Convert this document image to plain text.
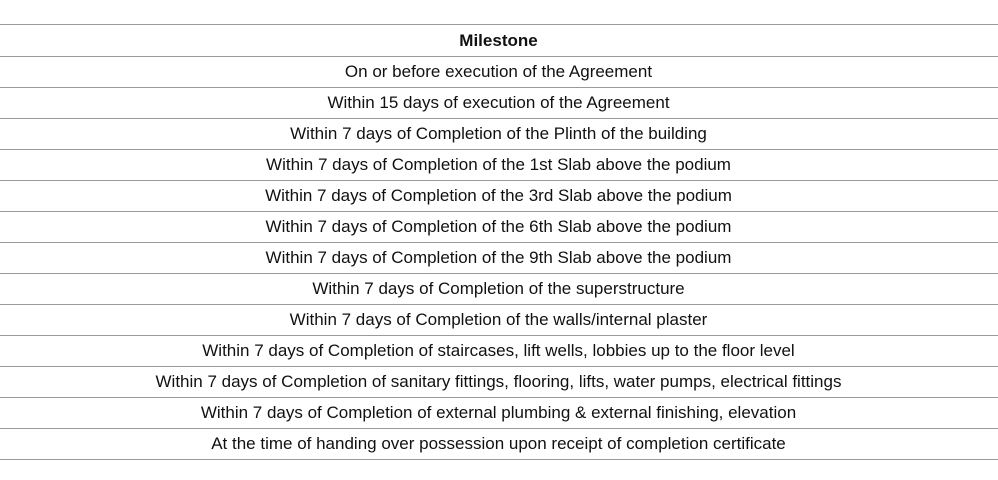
Milestone
On or before execution of the Agreement
Within 15 days of execution of the Agreement
Within 7 days of Completion of the Plinth of the building
Within 7 days of Completion of the 1st Slab above the podium
Within 7 days of Completion of the 3rd Slab above the podium
Within 7 days of Completion of the 6th Slab above the podium
Within 7 days of Completion of the 9th Slab above the podium
Within 7 days of Completion of the superstructure
Within 7 days of Completion of the walls/internal plaster
Within 7 days of Completion of staircases, lift wells, lobbies up to the floor level
Within 7 days of Completion of sanitary fittings, flooring, lifts, water pumps, electrical fittings
Within 7 days of Completion of external plumbing & external finishing, elevation
At the time of handing over possession upon receipt of completion certificate
